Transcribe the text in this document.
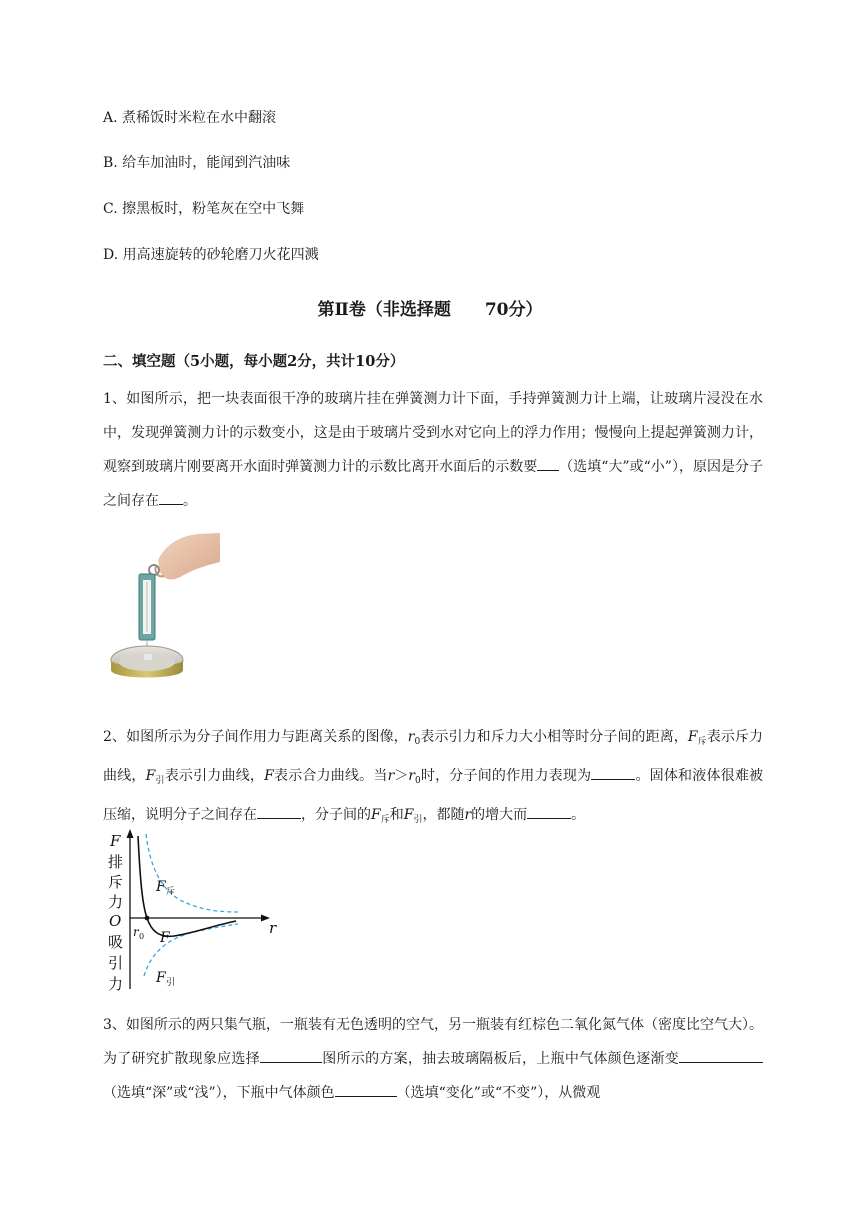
A. 煮稀饭时米粒在水中翻滚
B. 给车加油时，能闻到汽油味
C. 擦黑板时，粉笔灰在空中飞舞
D. 用高速旋转的砂轮磨刀火花四溅
第Ⅱ卷（非选择题　　70分）
二、填空题（5小题，每小题2分，共计10分）
1、如图所示，把一块表面很干净的玻璃片挂在弹簧测力计下面，手持弹簧测力计上端，让玻璃片浸没在水中，发现弹簧测力计的示数变小，这是由于玻璃片受到水对它向上的浮力作用；慢慢向上提起弹簧测力计，观察到玻璃片刚要离开水面时弹簧测力计的示数比离开水面后的示数要 （选填“大”或“小”），原因是分子之间存在 。
2、如图所示为分子间作用力与距离关系的图像，$r_0$表示引力和斥力大小相等时分子间的距离，$F_斥$表示斥力曲线，$F_引$表示引力曲线，F表示合力曲线。当$r>r_0$时，分子间的作用力表现为	。固体和液体很难被压缩，说明分子之间存在	，分子间的$F_斥$和$F_引$，都随r的增大而	。
F
排
斥
力
O
吸
引
力
r
F 斥
F
r 0
F 引
3、如图所示的两只集气瓶，一瓶装有无色透明的空气，另一瓶装有红棕色二氧化氮气体（密度比空气大）。为了研究扩散现象应选择	图所示的方案，抽去玻璃隔板后，上瓶中气体颜色逐渐变（选填“深”或“浅”），下瓶中气体颜色	（选填“变化”或“不变”），从微观
